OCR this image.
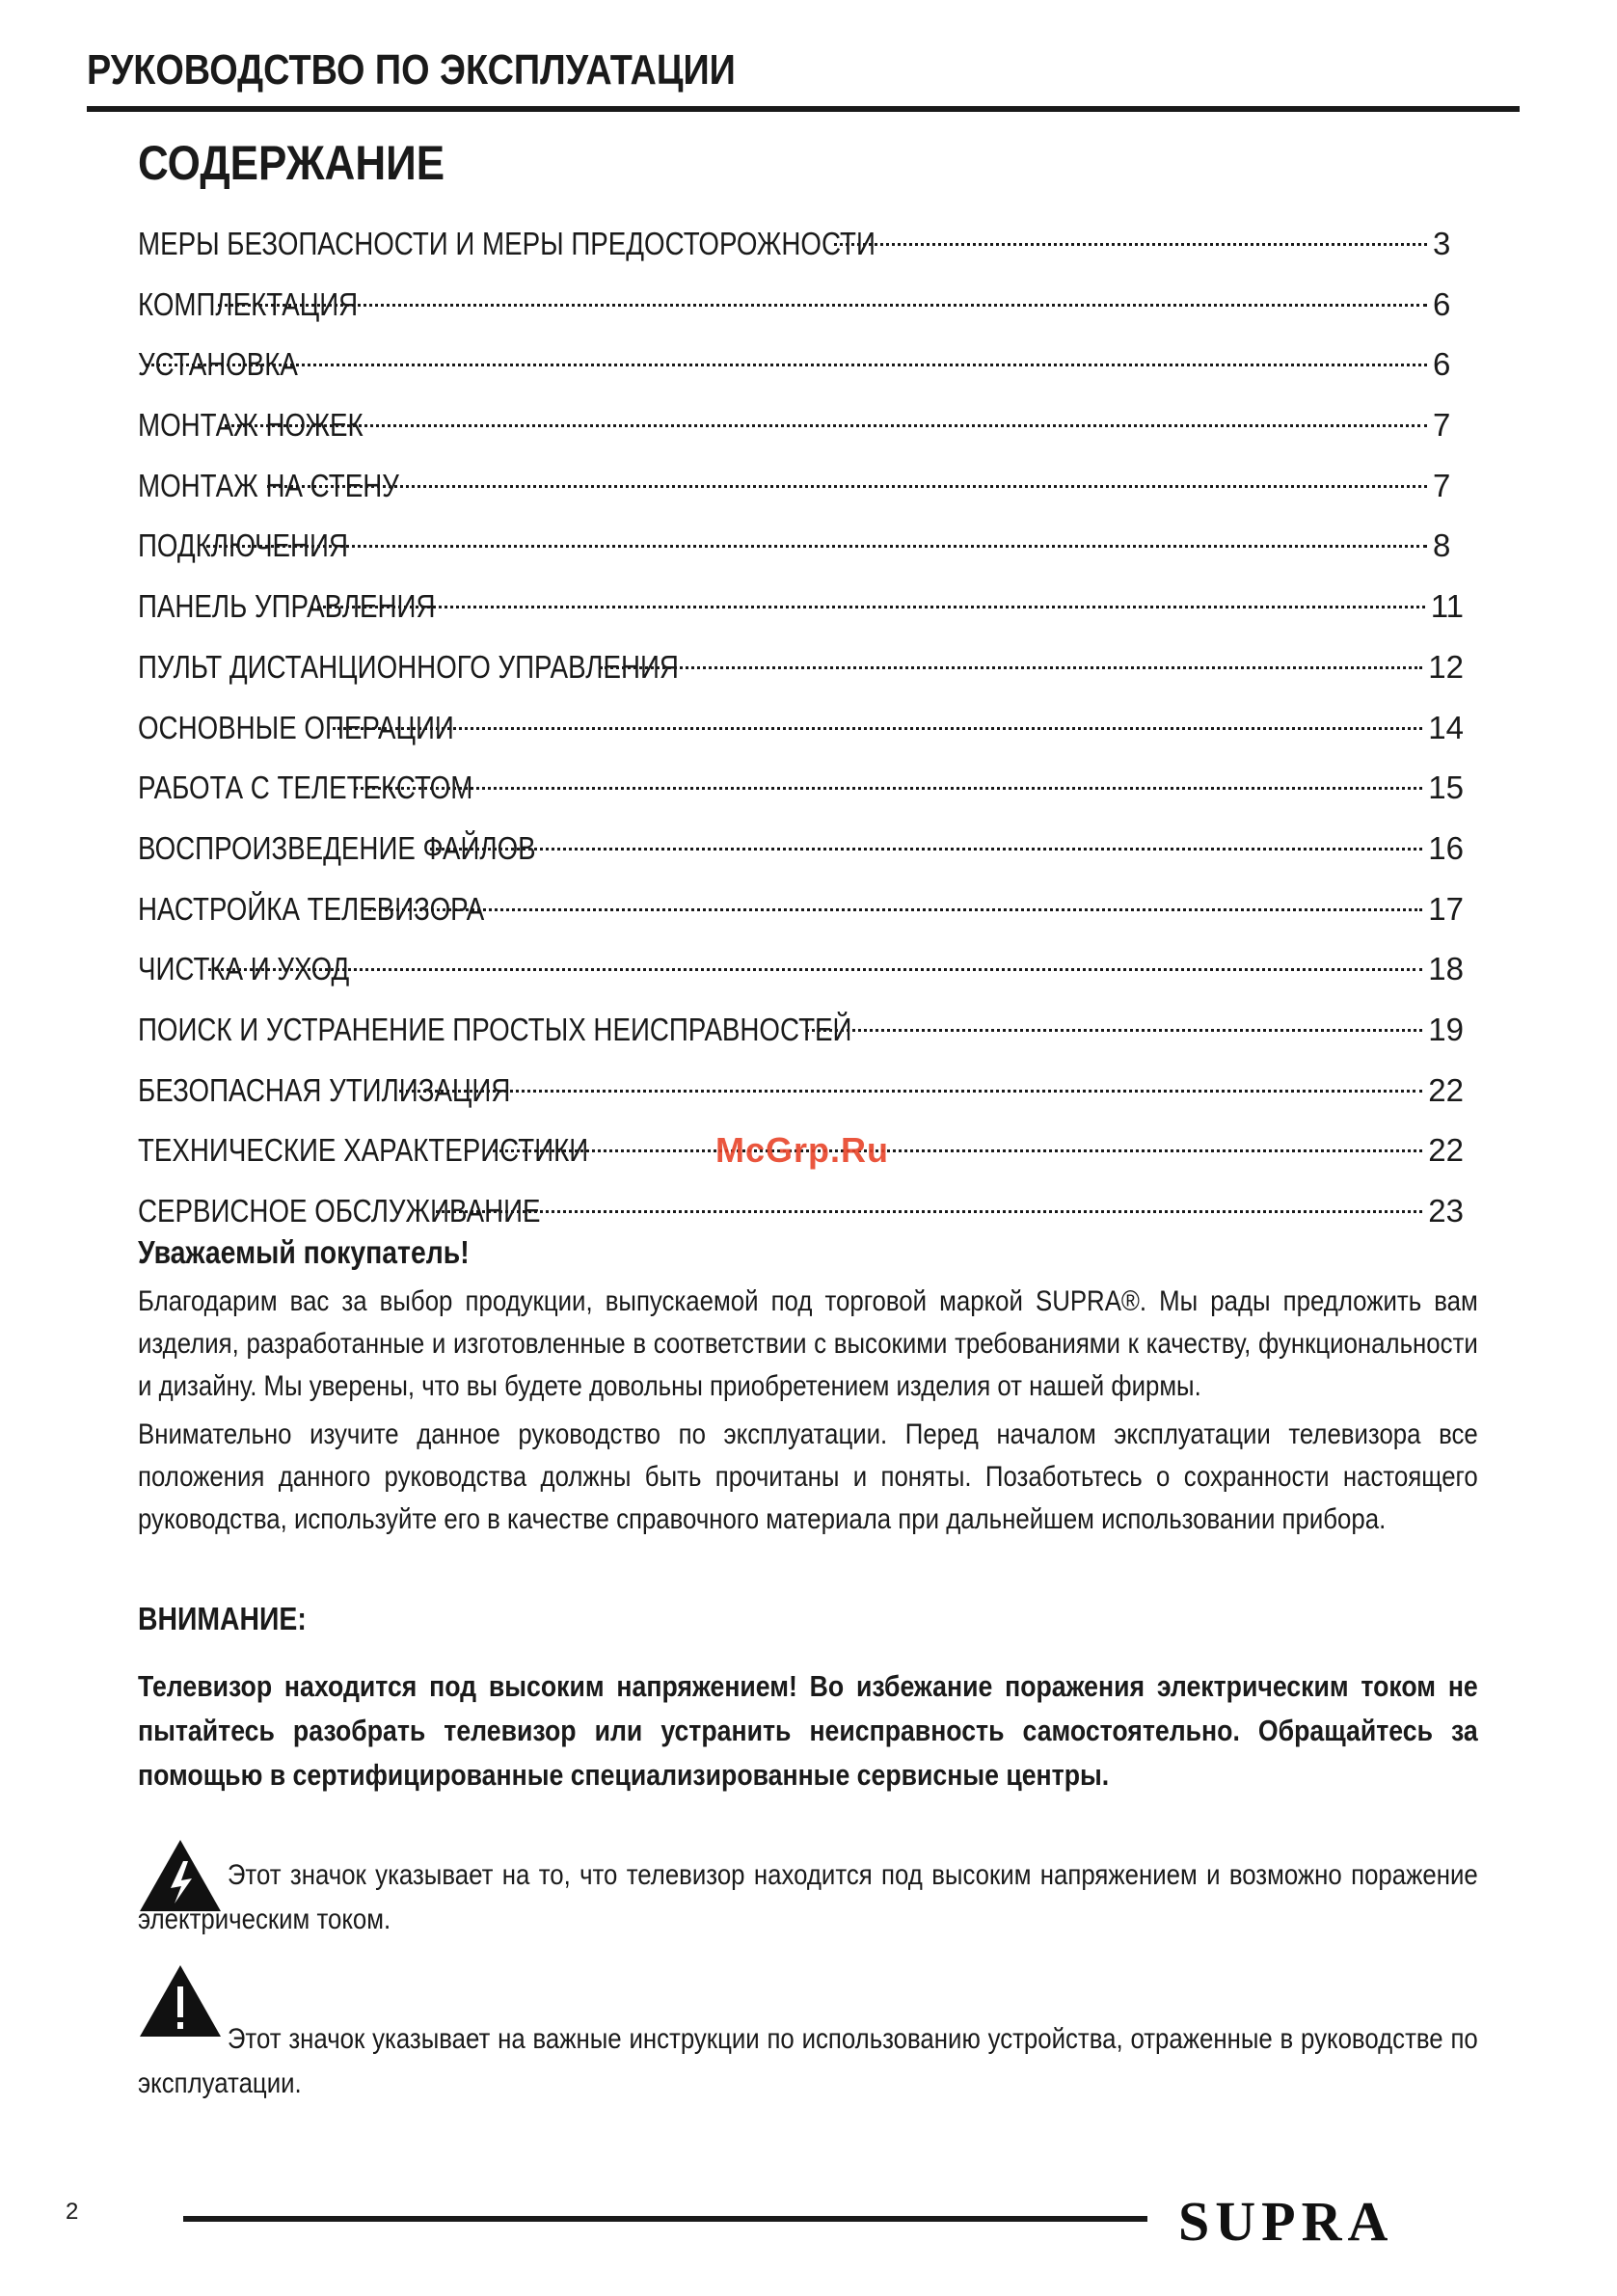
РУКОВОДСТВО ПО ЭКСПЛУАТАЦИИ
СОДЕРЖАНИЕ
МЕРЫ БЕЗОПАСНОСТИ И МЕРЫ ПРЕДОСТОРОЖНОСТИ	3
КОМПЛЕКТАЦИЯ	6
УСТАНОВКА	6
МОНТАЖ НОЖЕК	7
МОНТАЖ НА СТЕНУ	7
ПОДКЛЮЧЕНИЯ	8
ПАНЕЛЬ УПРАВЛЕНИЯ	11
ПУЛЬТ ДИСТАНЦИОННОГО УПРАВЛЕНИЯ	12
ОСНОВНЫЕ ОПЕРАЦИИ	14
РАБОТА С ТЕЛЕТЕКСТОМ	15
ВОСПРОИЗВЕДЕНИЕ ФАЙЛОВ	16
НАСТРОЙКА ТЕЛЕВИЗОРА	17
ЧИСТКА И УХОД	18
ПОИСК И УСТРАНЕНИЕ ПРОСТЫХ НЕИСПРАВНОСТЕЙ	19
БЕЗОПАСНАЯ УТИЛИЗАЦИЯ	22
ТЕХНИЧЕСКИЕ ХАРАКТЕРИСТИКИ	22
СЕРВИСНОЕ ОБСЛУЖИВАНИЕ	23
McGrp.Ru
Уважаемый покупатель!

Благодарим вас за выбор продукции, выпускаемой под торговой маркой SUPRA®. Мы рады предложить вам изделия, разработанные и изготовленные в соответствии с высокими требованиями к качеству, функциональности и дизайну. Мы уверены, что вы будете довольны приобретением изделия от нашей фирмы.

Внимательно изучите данное руководство по эксплуатации. Перед началом эксплуатации телевизора все положения данного руководства должны быть прочитаны и поняты. Позаботьтесь о сохранности настоящего руководства, используйте его в качестве справочного материала при дальнейшем использовании прибора.

ВНИМАНИЕ:
Телевизор находится под высоким напряжением! Во избежание поражения электрическим током не пытайтесь разобрать телевизор или устранить неисправность самостоятельно. Обращайтесь за помощью в сертифицированные специализированные сервисные центры.

Этот значок указывает на то, что телевизор находится под высоким напряжением и возможно поражение электрическим током.

Этот значок указывает на важные инструкции по использованию устройства, отраженные в руководстве по эксплуатации.

2	SUPRA
